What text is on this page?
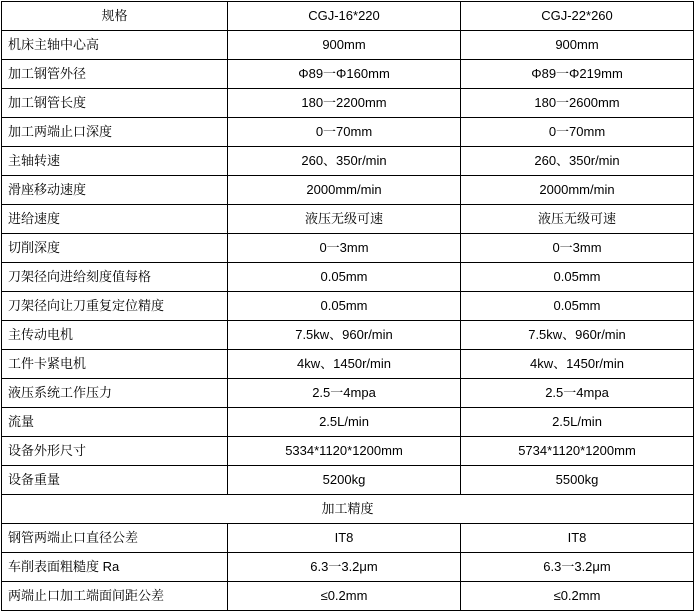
规格	CGJ-16*220	CGJ-22*260
机床主轴中心高	900mm	900mm
加工钢管外径	Φ89一Φ160mm	Φ89一Φ219mm
加工钢管长度	180一2200mm	180一2600mm
加工两端止口深度	0一70mm	0一70mm
主轴转速	260、350r/min	260、350r/min
滑座移动速度	2000mm/min	2000mm/min
进给速度	液压无级可速	液压无级可速
切削深度	0一3mm	0一3mm
刀架径向进给刻度值每格	0.05mm	0.05mm
刀架径向让刀重复定位精度	0.05mm	0.05mm
主传动电机	7.5kw、960r/min	7.5kw、960r/min
工件卡紧电机	4kw、1450r/min	4kw、1450r/min
液压系统工作压力	2.5一4mpa	2.5一4mpa
流量	2.5L/min	2.5L/min
设备外形尺寸	5334*1120*1200mm	5734*1120*1200mm
设备重量	5200kg	5500kg
加工精度		
钢管两端止口直径公差	IT8	IT8
车削表面粗糙度 Ra	6.3一3.2μm	6.3一3.2μm
两端止口加工端面间距公差	≤0.2mm	≤0.2mm
